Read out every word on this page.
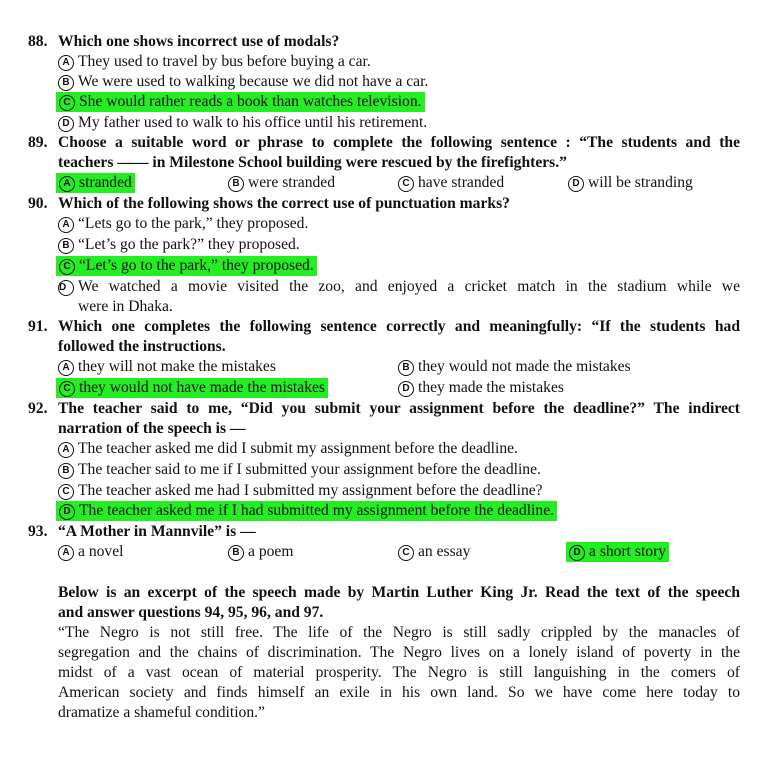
88. Which one shows incorrect use of modals?
A They used to travel by bus before buying a car.
B We were used to walking because we did not have a car.
C She would rather reads a book than watches television.
D My father used to walk to his office until his retirement.
89. Choose a suitable word or phrase to complete the following sentence : “The students and the
teachers —— in Milestone School building were rescued by the firefighters.”
A stranded	B were stranded	C have stranded	D will be stranding
90. Which of the following shows the correct use of punctuation marks?
A “Lets go to the park,” they proposed.
B “Let’s go the park?” they proposed.
C “Let’s go to the park,” they proposed.
D We watched a movie visited the zoo, and enjoyed a cricket match in the stadium while we
were in Dhaka.
91. Which one completes the following sentence correctly and meaningfully: “If the students had
followed the instructions.
A they will not make the mistakes	B they would not made the mistakes
C they would not have made the mistakes	D they made the mistakes
92. The teacher said to me, “Did you submit your assignment before the deadline?” The indirect
narration of the speech is —
A The teacher asked me did I submit my assignment before the deadline.
B The teacher said to me if I submitted your assignment before the deadline.
C The teacher asked me had I submitted my assignment before the deadline?
D The teacher asked me if I had submitted my assignment before the deadline.
93. “A Mother in Mannvile” is —
A a novel	B a poem	C an essay	D a short story
Below is an excerpt of the speech made by Martin Luther King Jr. Read the text of the speech
and answer questions 94, 95, 96, and 97.
“The Negro is not still free. The life of the Negro is still sadly crippled by the manacles of
segregation and the chains of discrimination. The Negro lives on a lonely island of poverty in the
midst of a vast ocean of material prosperity. The Negro is still languishing in the comers of
American society and finds himself an exile in his own land. So we have come here today to
dramatize a shameful condition.”
